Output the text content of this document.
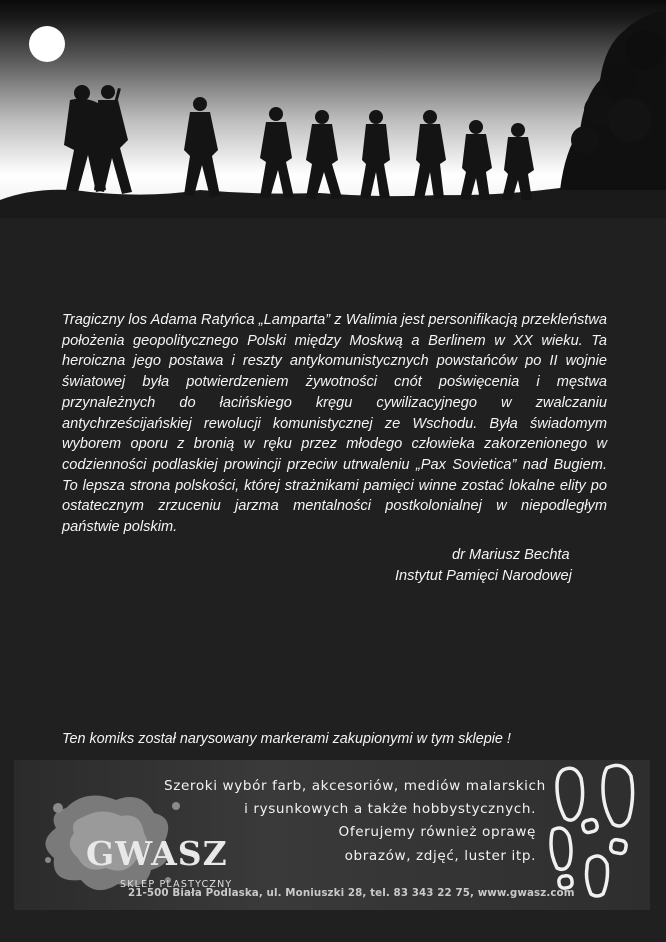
Tragiczny los Adama Ratyńca „Lamparta” z Walimia jest personifikacją przekleństwa położenia geopolitycznego Polski między Moskwą a Berlinem w XX wieku. Ta heroiczna jego postawa i reszty antykomunistycznych powstańców po II wojnie światowej była potwierdzeniem żywotności cnót poświęcenia i męstwa przynależnych do łacińskiego kręgu cywilizacyjnego w zwalczaniu antychrześcijańskiej rewolucji komunistycznej ze Wschodu. Była świadomym wyborem oporu z bronią w ręku przez młodego człowieka zakorzenionego w codzienności podlaskiej prowincji przeciw utrwaleniu „Pax Sovietica” nad Bugiem. To lepsza strona polskości, której strażnikami pamięci winne zostać lokalne elity po ostatecznym zrzuceniu jarzma mentalności postkolonialnej w niepodległym państwie polskim.

dr Mariusz Bechta
Instytut Pamięci Narodowej
Ten komiks został narysowany markerami zakupionymi w tym sklepie !
GWASZ
SKLEP PLASTYCZNY
Szeroki wybór farb, akcesoriów, mediów malarskich
i rysunkowych a także hobbystycznych.
Oferujemy również oprawę
obrazów, zdjęć, luster itp.
21-500 Biała Podlaska, ul. Moniuszki 28, tel. 83 343 22 75, www.gwasz.com
